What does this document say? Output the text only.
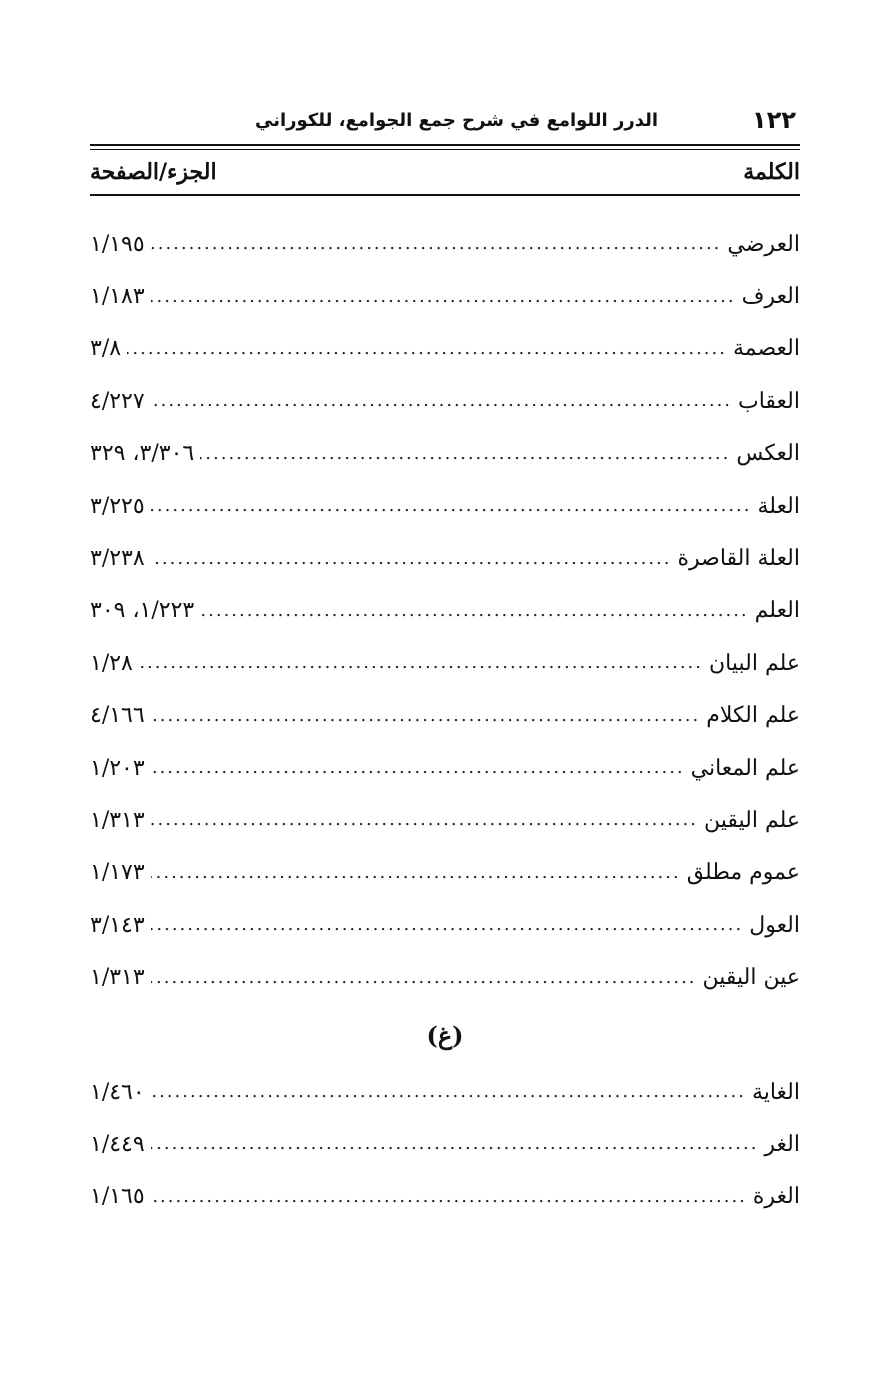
١٢٢
الدرر اللوامع في شرح جمع الجوامع، للكوراني
الكلمة
الجزء/الصفحة
العرضي
.....
١/١٩٥
العرف
.....
١/١٨٣
العصمة
.....
٣/٨
العقاب
.....
٤/٢٢٧
العكس
.....
٣/٣٠٦، ٣٢٩
العلة
.....
٣/٢٢٥
العلة القاصرة
.....
٣/٢٣٨
العلم
.....
١/٢٢٣، ٣٠٩
علم البيان
.....
١/٢٨
علم الكلام
.....
٤/١٦٦
علم المعاني
.....
١/٢٠٣
علم اليقين
.....
١/٣١٣
عموم مطلق
.....
١/١٧٣
العول
.....
٣/١٤٣
عين اليقين
.....
١/٣١٣
(غ)
الغاية
.....
١/٤٦٠
الغر
.....
١/٤٤٩
الغرة
.....
١/١٦٥
